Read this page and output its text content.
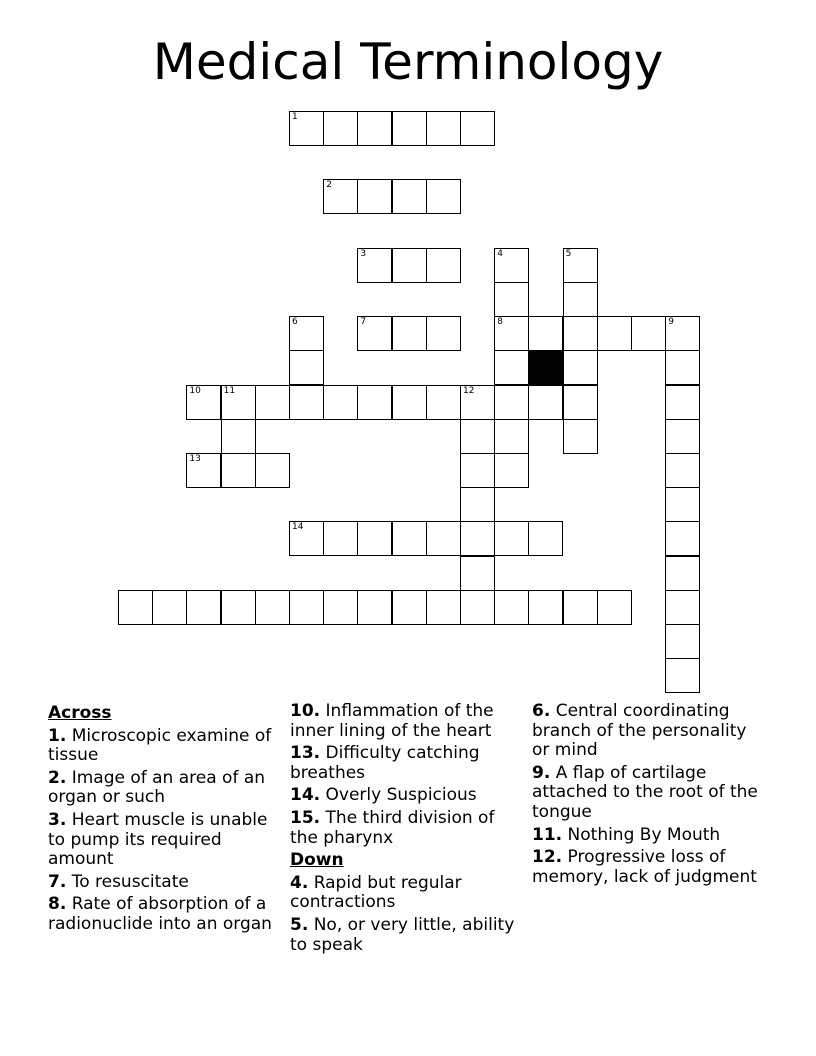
Medical Terminology
1
2
3
7	8	9
10	11	12
13
14
4	5
6
Across
1. Microscopic examine of tissue
2. Image of an area of an organ or such
3. Heart muscle is unable to pump its required amount
7. To resuscitate
8. Rate of absorption of a radionuclide into an organ
10. Inflammation of the inner lining of the heart
13. Difficulty catching breathes
14. Overly Suspicious
15. The third division of the pharynx
Down
4. Rapid but regular contractions
5. No, or very little, ability to speak
6. Central coordinating branch of the personality or mind
9. A flap of cartilage attached to the root of the tongue
11. Nothing By Mouth
12. Progressive loss of memory, lack of judgment
